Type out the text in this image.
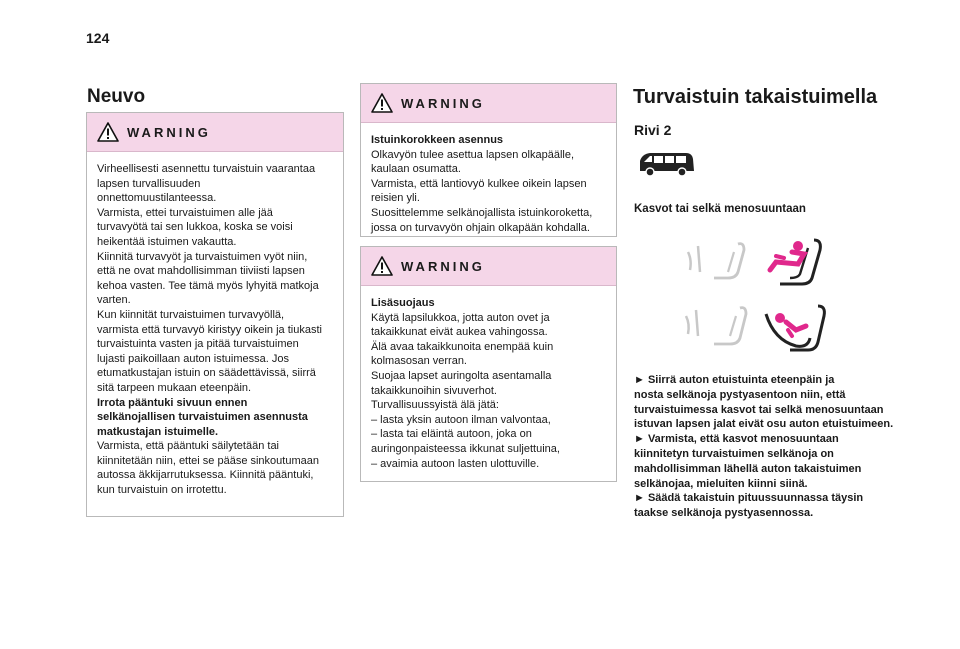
124
Neuvo
WARNING

Virheellisesti asennettu turvaistuin vaarantaa

lapsen turvallisuuden

onnettomuustilanteessa.

Varmista, ettei turvaistuimen alle jää

turvavyötä tai sen lukkoa, koska se voisi

heikentää istuimen vakautta.

Kiinnitä turvavyöt ja turvaistuimen vyöt niin,

että ne ovat mahdollisimman tiiviisti lapsen

kehoa vasten. Tee tämä myös lyhyitä matkoja

varten.

Kun kiinnität turvaistuimen turvavyöllä,

varmista että turvavyö kiristyy oikein ja tiukasti

turvaistuinta vasten ja pitää turvaistuimen

lujasti paikoillaan auton istuimessa. Jos

etumatkustajan istuin on säädettävissä, siirrä

sitä tarpeen mukaan eteenpäin.

Irrota pääntuki sivuun ennen

selkänojallisen turvaistuimen asennusta

matkustajan istuimelle.

Varmista, että pääntuki säilytetään tai

kiinnitetään niin, ettei se pääse sinkoutumaan

autossa äkkijarrutuksessa. Kiinnitä pääntuki,

kun turvaistuin on irrotettu.

WARNING

Istuinkorokkeen asennus

Olkavyön tulee asettua lapsen olkapäälle,

kaulaan osumatta.

Varmista, että lantiovyö kulkee oikein lapsen

reisien yli.

Suosittelemme selkänojallista istuinkoroketta,

jossa on turvavyön ohjain olkapään kohdalla.

WARNING

Lisäsuojaus

Käytä lapsilukkoa, jotta auton ovet ja

takaikkunat eivät aukea vahingossa.

Älä avaa takaikkunoita enempää kuin

kolmasosan verran.

Suojaa lapset auringolta asentamalla

takaikkunoihin sivuverhot.

Turvallisuussyistä älä jätä:

– lasta yksin autoon ilman valvontaa,

– lasta tai eläintä autoon, joka on

auringonpaisteessa ikkunat suljettuina,

– avaimia autoon lasten ulottuville.

Turvaistuin takaistuimella
Rivi 2
Kasvot tai selkä menosuuntaan

► Siirrä auton etuistuinta eteenpäin ja

nosta selkänoja pystyasentoon niin, että

turvaistuimessa kasvot tai selkä menosuuntaan

istuvan lapsen jalat eivät osu auton etuistuimeen.

► Varmista, että kasvot menosuuntaan

kiinnitetyn turvaistuimen selkänoja on

mahdollisimman lähellä auton takaistuimen

selkänojaa, mieluiten kiinni siinä.

► Säädä takaistuin pituussuunnassa täysin

taakse selkänoja pystyasennossa.
